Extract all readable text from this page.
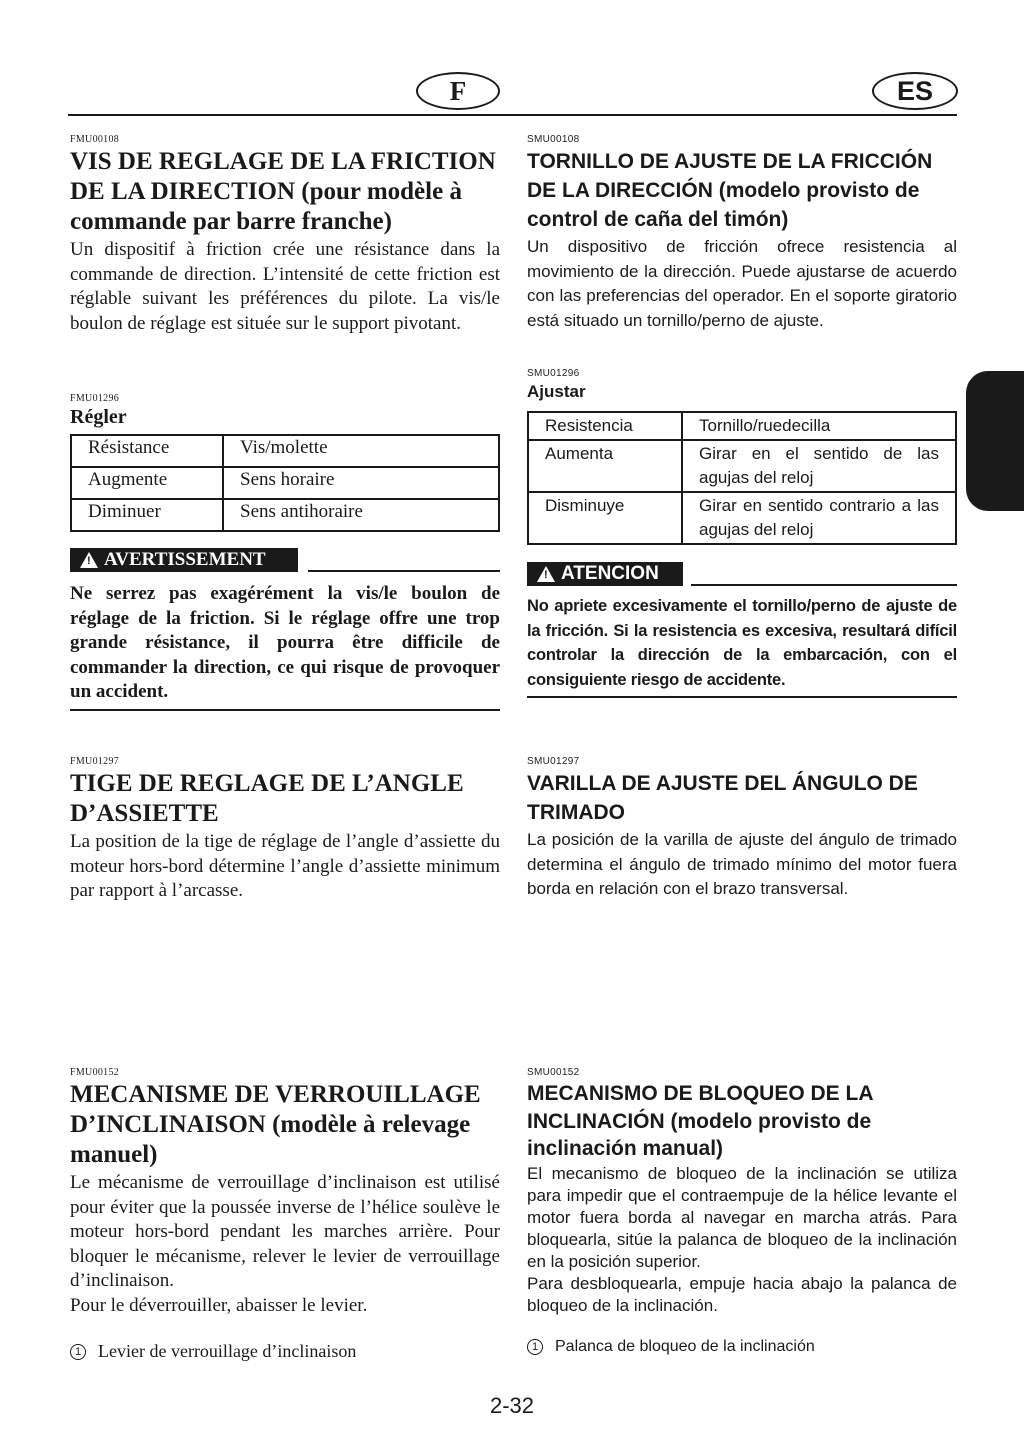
F	ES
FMU00108
VIS DE REGLAGE DE LA FRICTION DE LA DIRECTION (pour modèle à commande par barre franche)

Un dispositif à friction crée une résistance dans la commande de direction. L’intensité de cette friction est réglable suivant les préférences du pilote. La vis/le boulon de réglage est située sur le support pivotant.

FMU01296
Régler
Résistance	Vis/molette
Augmente	Sens horaire
Diminuer	Sens antihoraire
! AVERTISSEMENT

Ne serrez pas exagérément la vis/le boulon de réglage de la friction. Si le réglage offre une trop grande résistance, il pourra être difficile de commander la direction, ce qui risque de provoquer un accident.

FMU01297
TIGE DE REGLAGE DE L’ANGLE D’ASSIETTE

La position de la tige de réglage de l’angle d’assiette du moteur hors-bord détermine l’angle d’assiette minimum par rapport à l’arcasse.

FMU00152
MECANISME DE VERROUILLAGE D’INCLINAISON (modèle à relevage manuel)

Le mécanisme de verrouillage d’inclinaison est utilisé pour éviter que la poussée inverse de l’hélice soulève le moteur hors-bord pendant les marches arrière. Pour bloquer le mécanisme, relever le levier de verrouillage d’inclinaison.

Pour le déverrouiller, abaisser le levier.

1 Levier de verrouillage d’inclinaison
SMU00108
TORNILLO DE AJUSTE DE LA FRICCIÓN DE LA DIRECCIÓN (modelo provisto de control de caña del timón)

Un dispositivo de fricción ofrece resistencia al movimiento de la dirección. Puede ajustarse de acuerdo con las preferencias del operador. En el soporte giratorio está situado un tornillo/perno de ajuste.

SMU01296
Ajustar
Resistencia	Tornillo/ruedecilla
Aumenta	Girar en el sentido de las agujas del reloj
Disminuye	Girar en sentido contrario a las agujas del reloj
! ATENCION

No apriete excesivamente el tornillo/perno de ajuste de la fricción. Si la resistencia es excesiva, resultará difícil controlar la dirección de la embarcación, con el consiguiente riesgo de accidente.

SMU01297
VARILLA DE AJUSTE DEL ÁNGULO DE TRIMADO

La posición de la varilla de ajuste del ángulo de trimado determina el ángulo de trimado mínimo del motor fuera borda en relación con el brazo transversal.

SMU00152
MECANISMO DE BLOQUEO DE LA INCLINACIÓN (modelo provisto de inclinación manual)

El mecanismo de bloqueo de la inclinación se utiliza para impedir que el contraempuje de la hélice levante el motor fuera borda al navegar en marcha atrás. Para bloquearla, sitúe la palanca de bloqueo de la inclinación en la posición superior.

Para desbloquearla, empuje hacia abajo la palanca de bloqueo de la inclinación.

1	Palanca de bloqueo de la inclinación
2-32
